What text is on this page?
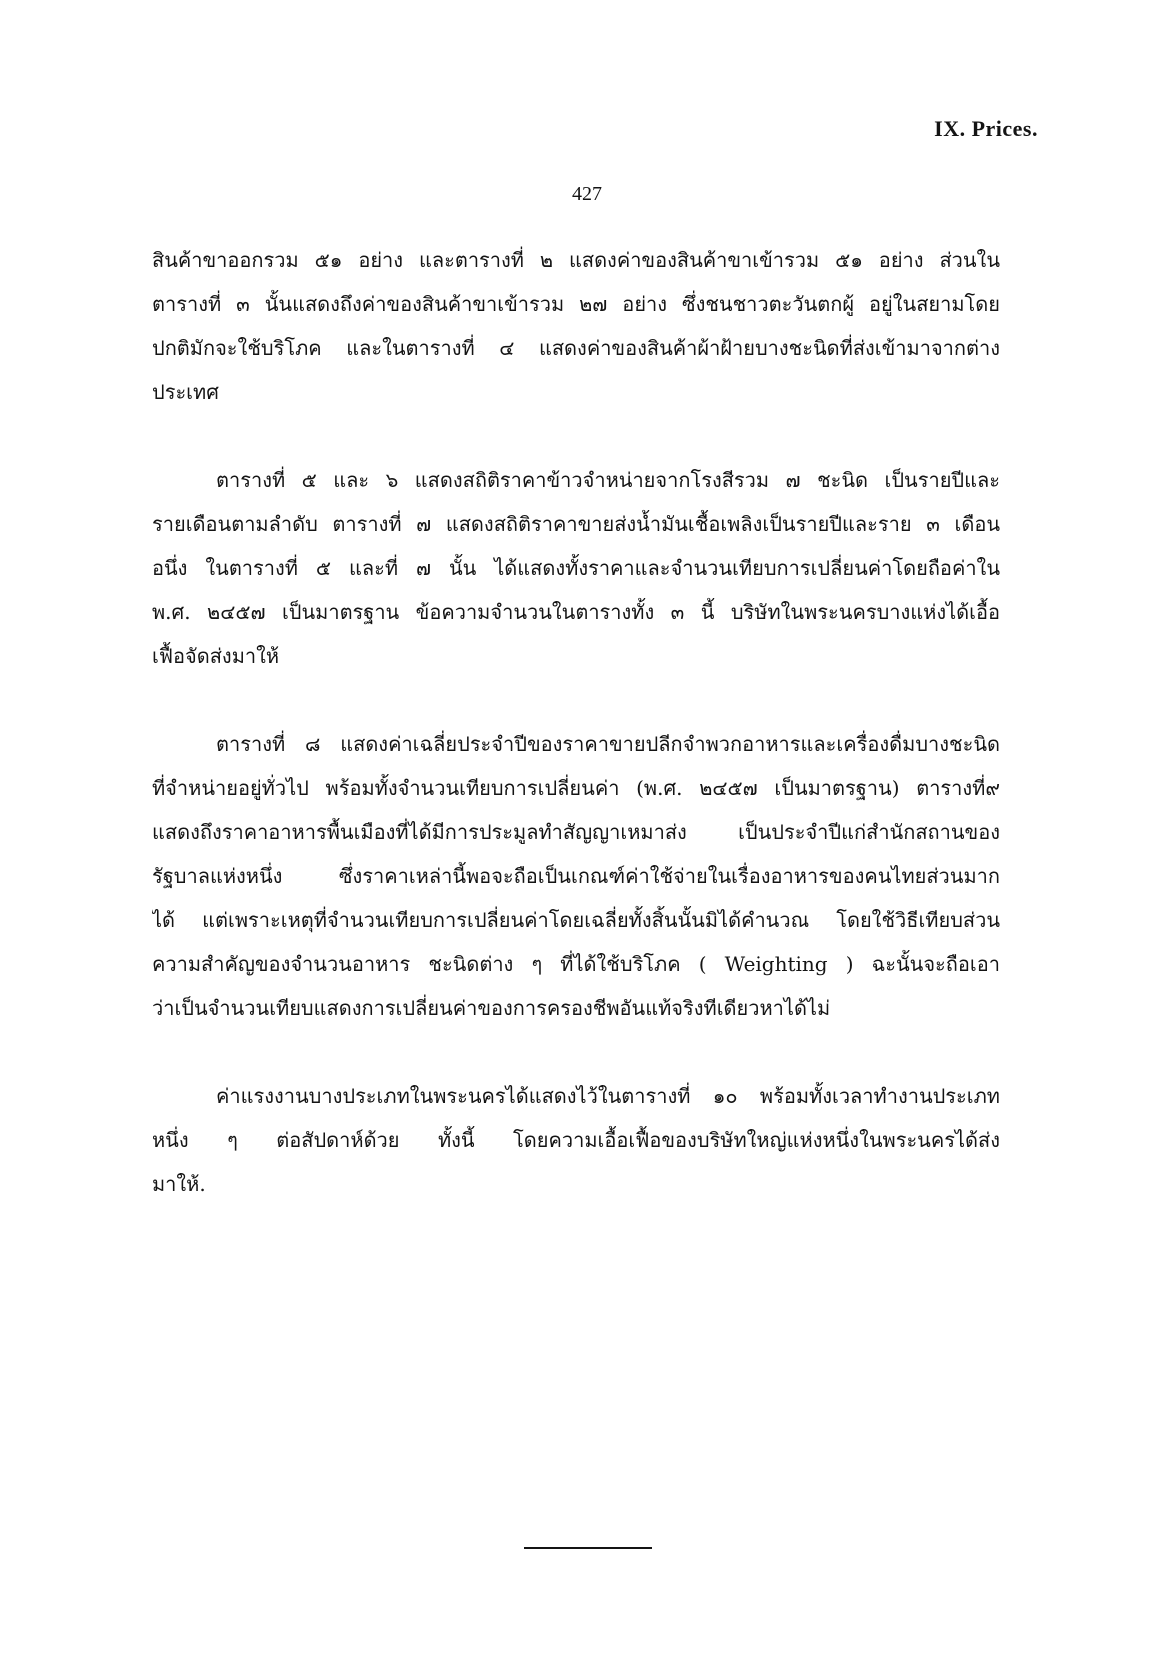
IX. Prices.
427
สินค้าขาออกรวม ๕๑ อย่าง และตารางที่ ๒ แสดงค่าของสินค้าขาเข้ารวม ๕๑ อย่าง ส่วนใน
ตารางที่ ๓ นั้นแสดงถึงค่าของสินค้าขาเข้ารวม ๒๗ อย่าง ซึ่งชนชาวตะวันตกผู้ อยู่ในสยามโดย
ปกติมักจะใช้บริโภค และในตารางที่ ๔ แสดงค่าของสินค้าผ้าฝ้ายบางชะนิดที่ส่งเข้ามาจากต่าง
ประเทศ
ตารางที่ ๕ และ ๖ แสดงสถิติราคาข้าวจำหน่ายจากโรงสีรวม ๗ ชะนิด เป็นรายปีและ
รายเดือนตามลำดับ ตารางที่ ๗ แสดงสถิติราคาขายส่งน้ำมันเชื้อเพลิงเป็นรายปีและราย ๓ เดือน
อนึ่ง ในตารางที่ ๕ และที่ ๗ นั้น ได้แสดงทั้งราคาและจำนวนเทียบการเปลี่ยนค่าโดยถือค่าใน
พ.ศ. ๒๔๕๗ เป็นมาตรฐาน ข้อความจำนวนในตารางทั้ง ๓ นี้ บริษัทในพระนครบางแห่งได้เอื้อ
เฟื้อจัดส่งมาให้
ตารางที่ ๘ แสดงค่าเฉลี่ยประจำปีของราคาขายปลีกจำพวกอาหารและเครื่องดื่มบางชะนิด
ที่จำหน่ายอยู่ทั่วไป พร้อมทั้งจำนวนเทียบการเปลี่ยนค่า (พ.ศ. ๒๔๕๗ เป็นมาตรฐาน) ตารางที่๙
แสดงถึงราคาอาหารพื้นเมืองที่ได้มีการประมูลทำสัญญาเหมาส่ง เป็นประจำปีแก่สำนักสถานของ
รัฐบาลแห่งหนึ่ง ซึ่งราคาเหล่านี้พอจะถือเป็นเกณฑ์ค่าใช้จ่ายในเรื่องอาหารของคนไทยส่วนมาก
ได้ แต่เพราะเหตุที่จำนวนเทียบการเปลี่ยนค่าโดยเฉลี่ยทั้งสิ้นนั้นมิได้คำนวณ โดยใช้วิธีเทียบส่วน
ความสำคัญของจำนวนอาหาร ชะนิดต่าง ๆ ที่ได้ใช้บริโภค ( Weighting ) ฉะนั้นจะถือเอา
ว่าเป็นจำนวนเทียบแสดงการเปลี่ยนค่าของการครองชีพอันแท้จริงทีเดียวหาได้ไม่
ค่าแรงงานบางประเภทในพระนครได้แสดงไว้ในตารางที่ ๑๐ พร้อมทั้งเวลาทำงานประเภท
หนึ่ง ๆ ต่อสัปดาห์ด้วย ทั้งนี้ โดยความเอื้อเฟื้อของบริษัทใหญ่แห่งหนึ่งในพระนครได้ส่ง
มาให้.
